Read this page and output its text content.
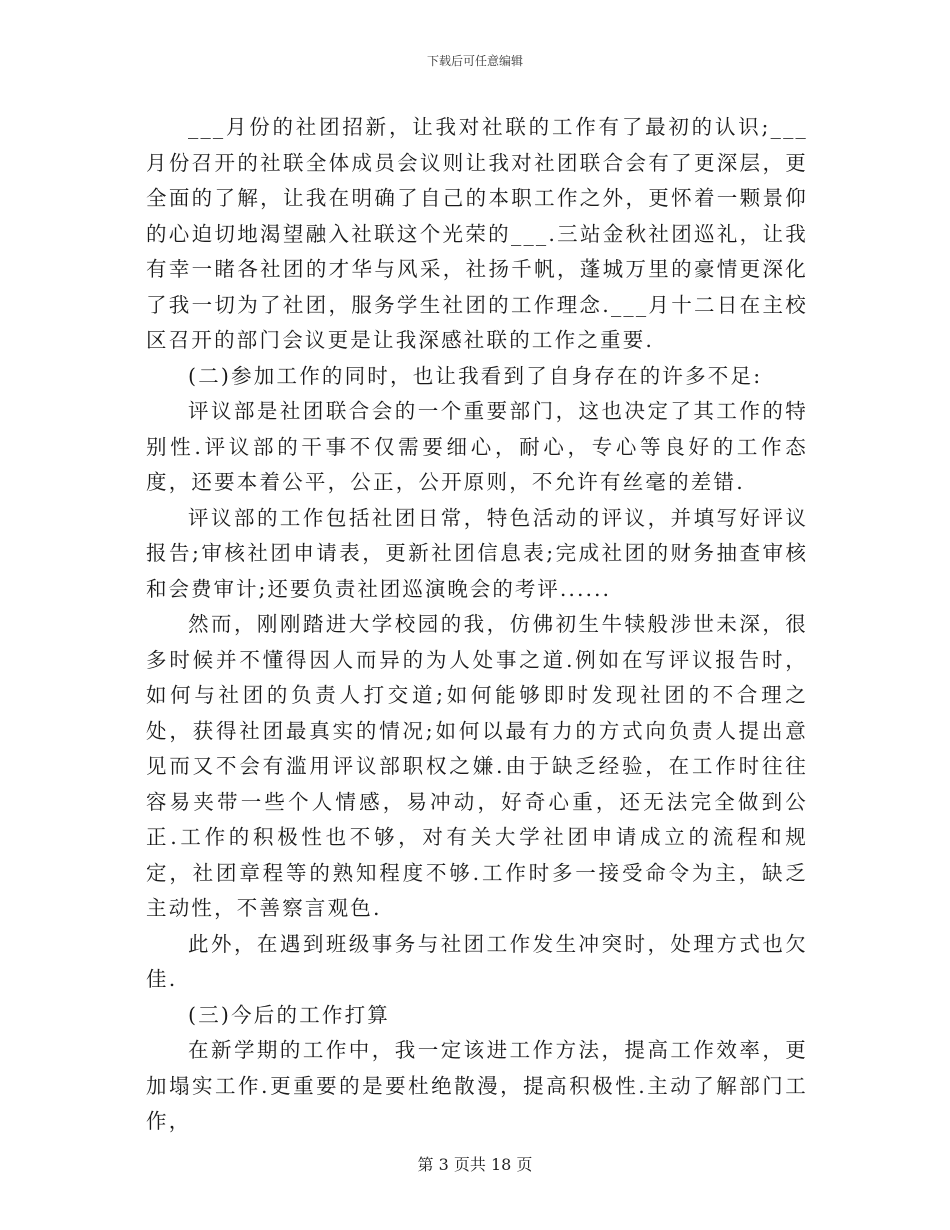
下载后可任意编辑

___月份的社团招新，让我对社联的工作有了最初的认识;___月份召开的社联全体成员会议则让我对社团联合会有了更深层，更全面的了解，让我在明确了自己的本职工作之外，更怀着一颗景仰的心迫切地渴望融入社联这个光荣的___.三站金秋社团巡礼，让我有幸一睹各社团的才华与风采，社扬千帆，蓬城万里的豪情更深化了我一切为了社团，服务学生社团的工作理念.___月十二日在主校区召开的部门会议更是让我深感社联的工作之重要.

(二)参加工作的同时，也让我看到了自身存在的许多不足:

评议部是社团联合会的一个重要部门，这也决定了其工作的特别性.评议部的干事不仅需要细心，耐心，专心等良好的工作态度，还要本着公平，公正，公开原则，不允许有丝毫的差错.

评议部的工作包括社团日常，特色活动的评议，并填写好评议报告;审核社团申请表，更新社团信息表;完成社团的财务抽查审核和会费审计;还要负责社团巡演晚会的考评......

然而，刚刚踏进大学校园的我，仿佛初生牛犊般涉世未深，很多时候并不懂得因人而异的为人处事之道.例如在写评议报告时，如何与社团的负责人打交道;如何能够即时发现社团的不合理之处，获得社团最真实的情况;如何以最有力的方式向负责人提出意见而又不会有滥用评议部职权之嫌.由于缺乏经验，在工作时往往容易夹带一些个人情感，易冲动，好奇心重，还无法完全做到公正.工作的积极性也不够，对有关大学社团申请成立的流程和规定，社团章程等的熟知程度不够.工作时多一接受命令为主，缺乏主动性，不善察言观色.

此外，在遇到班级事务与社团工作发生冲突时，处理方式也欠佳.

(三)今后的工作打算

在新学期的工作中，我一定该进工作方法，提高工作效率，更加塌实工作.更重要的是要杜绝散漫，提高积极性.主动了解部门工作，

第 3 页共 18 页
